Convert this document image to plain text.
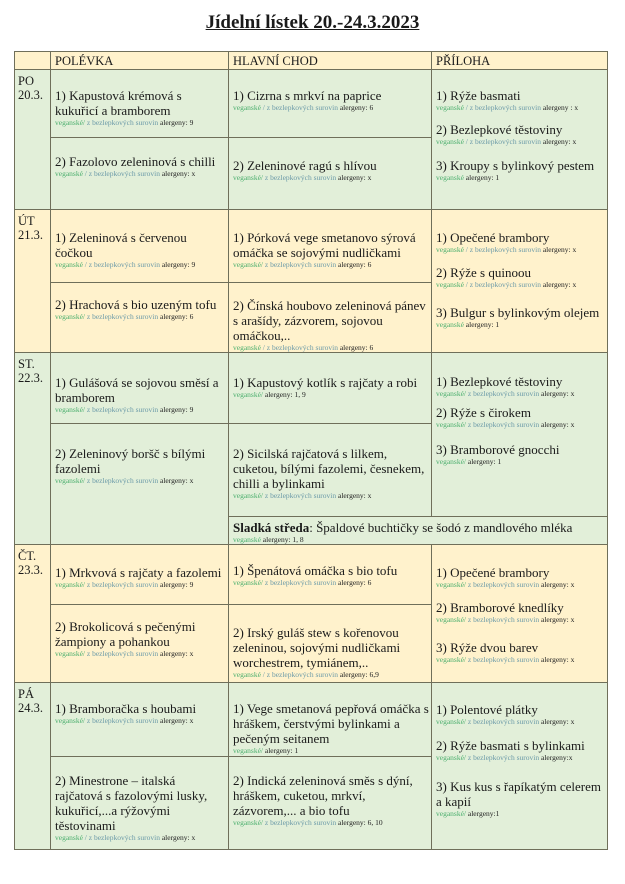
Jídelní lístek 20.-24.3.2023
POLÉVKA	HLAVNÍ CHOD	PŘÍLOHA
PO
20.3. 1) Kapustová krémová s kukuřicí a bramborem
veganské/ z bezlepkových surovin alergeny: 9
2) Fazolovo zeleninová s chilli
veganské / z bezlepkových surovin alergeny: x
1) Cizrna s mrkví na paprice
veganské / z bezlepkových surovin alergeny: 6
2) Zeleninové ragú s hlívou
veganské/ z bezlepkových surovin alergeny: x
1) Rýže basmati
veganské / z bezlepkových surovin alergeny : x
2) Bezlepkové těstoviny
veganské / z bezlepkových surovin alergeny: x
3) Kroupy s bylinkový pestem
veganské alergeny: 1
ÚT
21.3. 1) Zeleninová s červenou čočkou
veganské / z bezlepkových surovin alergeny: 9
2) Hrachová s bio uzeným tofu
veganské/ z bezlepkových surovin alergeny: 6
1) Pórková vege smetanovo sýrová omáčka se sojovými nudličkami
veganské/ z bezlepkových surovin alergeny: 6
2) Čínská houbovo zeleninová pánev s arašídy, zázvorem, sojovou omáčkou,..
veganské / z bezlepkových surovin alergeny: 6
1) Opečené brambory
veganské / z bezlepkových surovin alergeny: x
2) Rýže s quinoou
veganské / z bezlepkových surovin alergeny: x
3) Bulgur s bylinkovým olejem
veganské alergeny: 1
ST.
22.3. 1) Gulášová se sojovou směsí a bramborem
veganské/ z bezlepkových surovin alergeny: 9
2) Zeleninový boršč s bílými fazolemi
veganské/ z bezlepkových surovin alergeny: x
1) Kapustový kotlík s rajčaty a robi
veganské/ alergeny: 1, 9
2) Sicilská rajčatová s lilkem, cuketou, bílými fazolemi, česnekem, chilli a bylinkami
veganské/ z bezlepkových surovin alergeny: x
1) Bezlepkové těstoviny
veganské/ z bezlepkových surovin alergeny: x
2) Rýže s čirokem
veganské/ z bezlepkových surovin alergeny: x
3) Bramborové gnocchi
veganské/ alergeny: 1
Sladká středa: Špaldové buchtičky se šodó z mandlového mléka
veganské alergeny: 1, 8
ČT.
23.3. 1) Mrkvová s rajčaty a fazolemi
veganské/ z bezlepkových surovin alergeny: 9
2) Brokolicová s pečenými žampiony a pohankou
veganské/ z bezlepkových surovin alergeny: x
1) Špenátová omáčka s bio tofu
veganské/ z bezlepkových surovin alergeny: 6
2) Irský guláš stew s kořenovou zeleninou, sojovými nudličkami worchestrem, tymiánem,..
veganské / z bezlepkových surovin alergeny: 6,9
1) Opečené brambory
veganské/ z bezlepkových surovin alergeny: x
2) Bramborové knedlíky
veganské/ z bezlepkových surovin alergeny: x
3) Rýže dvou barev
veganské/ z bezlepkových surovin alergeny: x
PÁ
24.3. 1) Bramboračka s houbami
veganské/ z bezlepkových surovin alergeny: x
2) Minestrone – italská rajčatová s fazolovými lusky, kukuřicí,...a rýžovými těstovinami
veganské / z bezlepkových surovin alergeny: x
1) Vege smetanová pepřová omáčka s hráškem, čerstvými bylinkami a pečeným seitanem
veganské/ alergeny: 1
2) Indická zeleninová směs s dýní, hráškem, cuketou, mrkví, zázvorem,... a bio tofu
veganské/ z bezlepkových surovin alergeny: 6, 10
1) Polentové plátky
veganské/ z bezlepkových surovin alergeny: x
2) Rýže basmati s bylinkami
veganské/ z bezlepkových surovin alergeny:x
3) Kus kus s řapíkatým celerem a kapií
veganské/ alergeny:1
